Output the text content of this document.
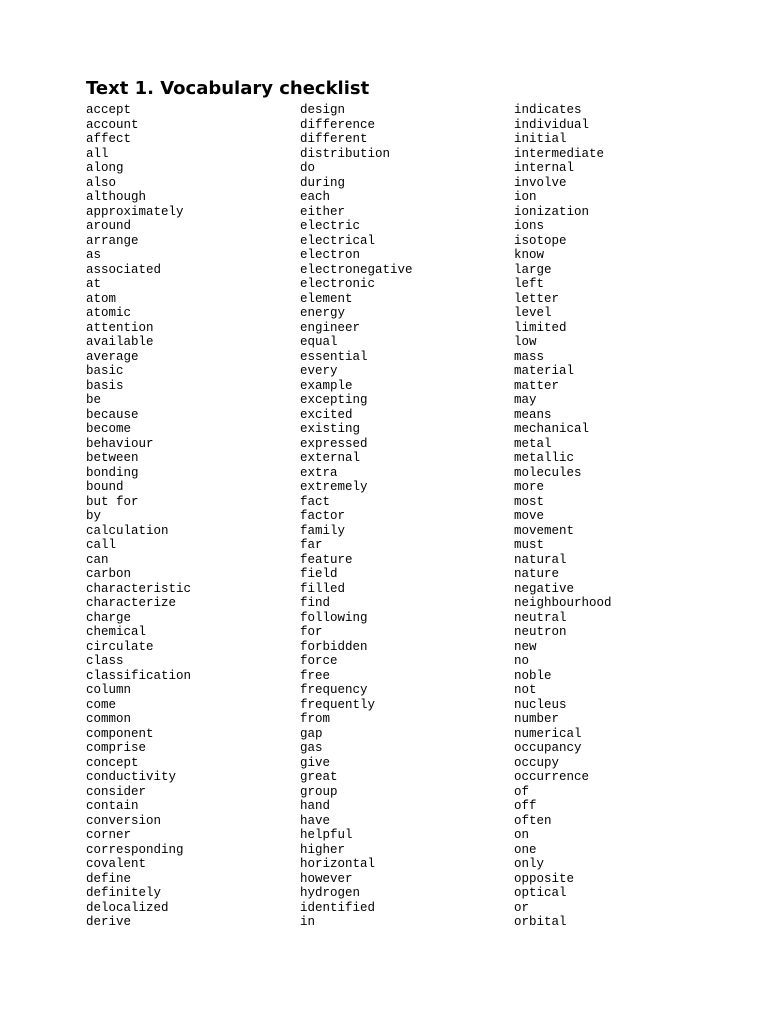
Text 1. Vocabulary checklist
accept
account
affect
all
along
also
although
approximately
around
arrange
as
associated
at
atom
atomic
attention
available
average
basic
basis
be
because
become
behaviour
between
bonding
bound
but for
by
calculation
call
can
carbon
characteristic
characterize
charge
chemical
circulate
class
classification
column
come
common
component
comprise
concept
conductivity
consider
contain
conversion
corner
corresponding
covalent
define
definitely
delocalized
derive
design
difference
different
distribution
do
during
each
either
electric
electrical
electron
electronegative
electronic
element
energy
engineer
equal
essential
every
example
excepting
excited
existing
expressed
external
extra
extremely
fact
factor
family
far
feature
field
filled
find
following
for
forbidden
force
free
frequency
frequently
from
gap
gas
give
great
group
hand
have
helpful
higher
horizontal
however
hydrogen
identified
in
indicates
individual
initial
intermediate
internal
involve
ion
ionization
ions
isotope
know
large
left
letter
level
limited
low
mass
material
matter
may
means
mechanical
metal
metallic
molecules
more
most
move
movement
must
natural
nature
negative
neighbourhood
neutral
neutron
new
no
noble
not
nucleus
number
numerical
occupancy
occupy
occurrence
of
off
often
on
one
only
opposite
optical
or
orbital
